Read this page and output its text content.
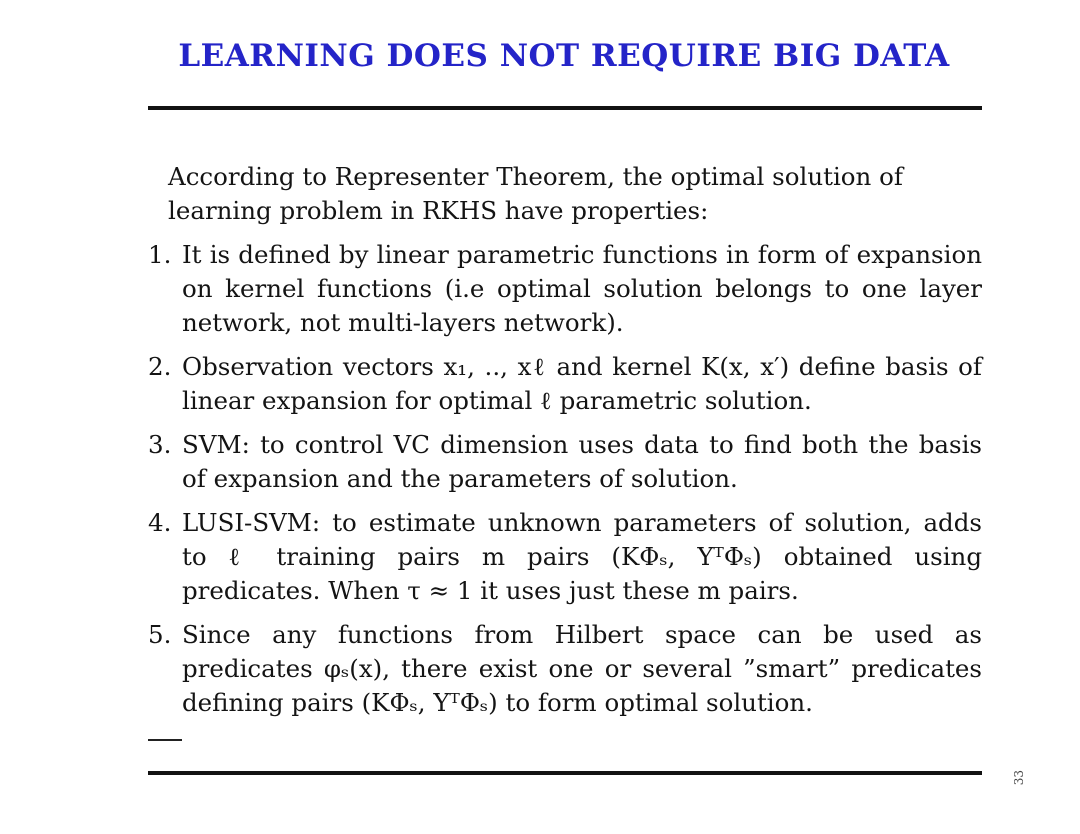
LEARNING DOES NOT REQUIRE BIG DATA

According to Representer Theorem, the optimal solution of learning problem in RKHS have properties:

1. It is defined by linear parametric functions in form of expansion on kernel functions (i.e optimal solution belongs to one layer network, not multi-layers network).
2. Observation vectors x₁, .., xℓ and kernel K(x, x′) define basis of linear expansion for optimal ℓ parametric solution.
3. SVM: to control VC dimension uses data to find both the basis of expansion and the parameters of solution.
4. LUSI-SVM: to estimate unknown parameters of solution, adds to ℓ training pairs m pairs (KΦₛ, YᵀΦₛ) obtained using predicates. When τ ≈ 1 it uses just these m pairs.
5. Since any functions from Hilbert space can be used as predicates φₛ(x), there exist one or several ”smart” predicates defining pairs (KΦₛ, YᵀΦₛ) to form optimal solution.
33
